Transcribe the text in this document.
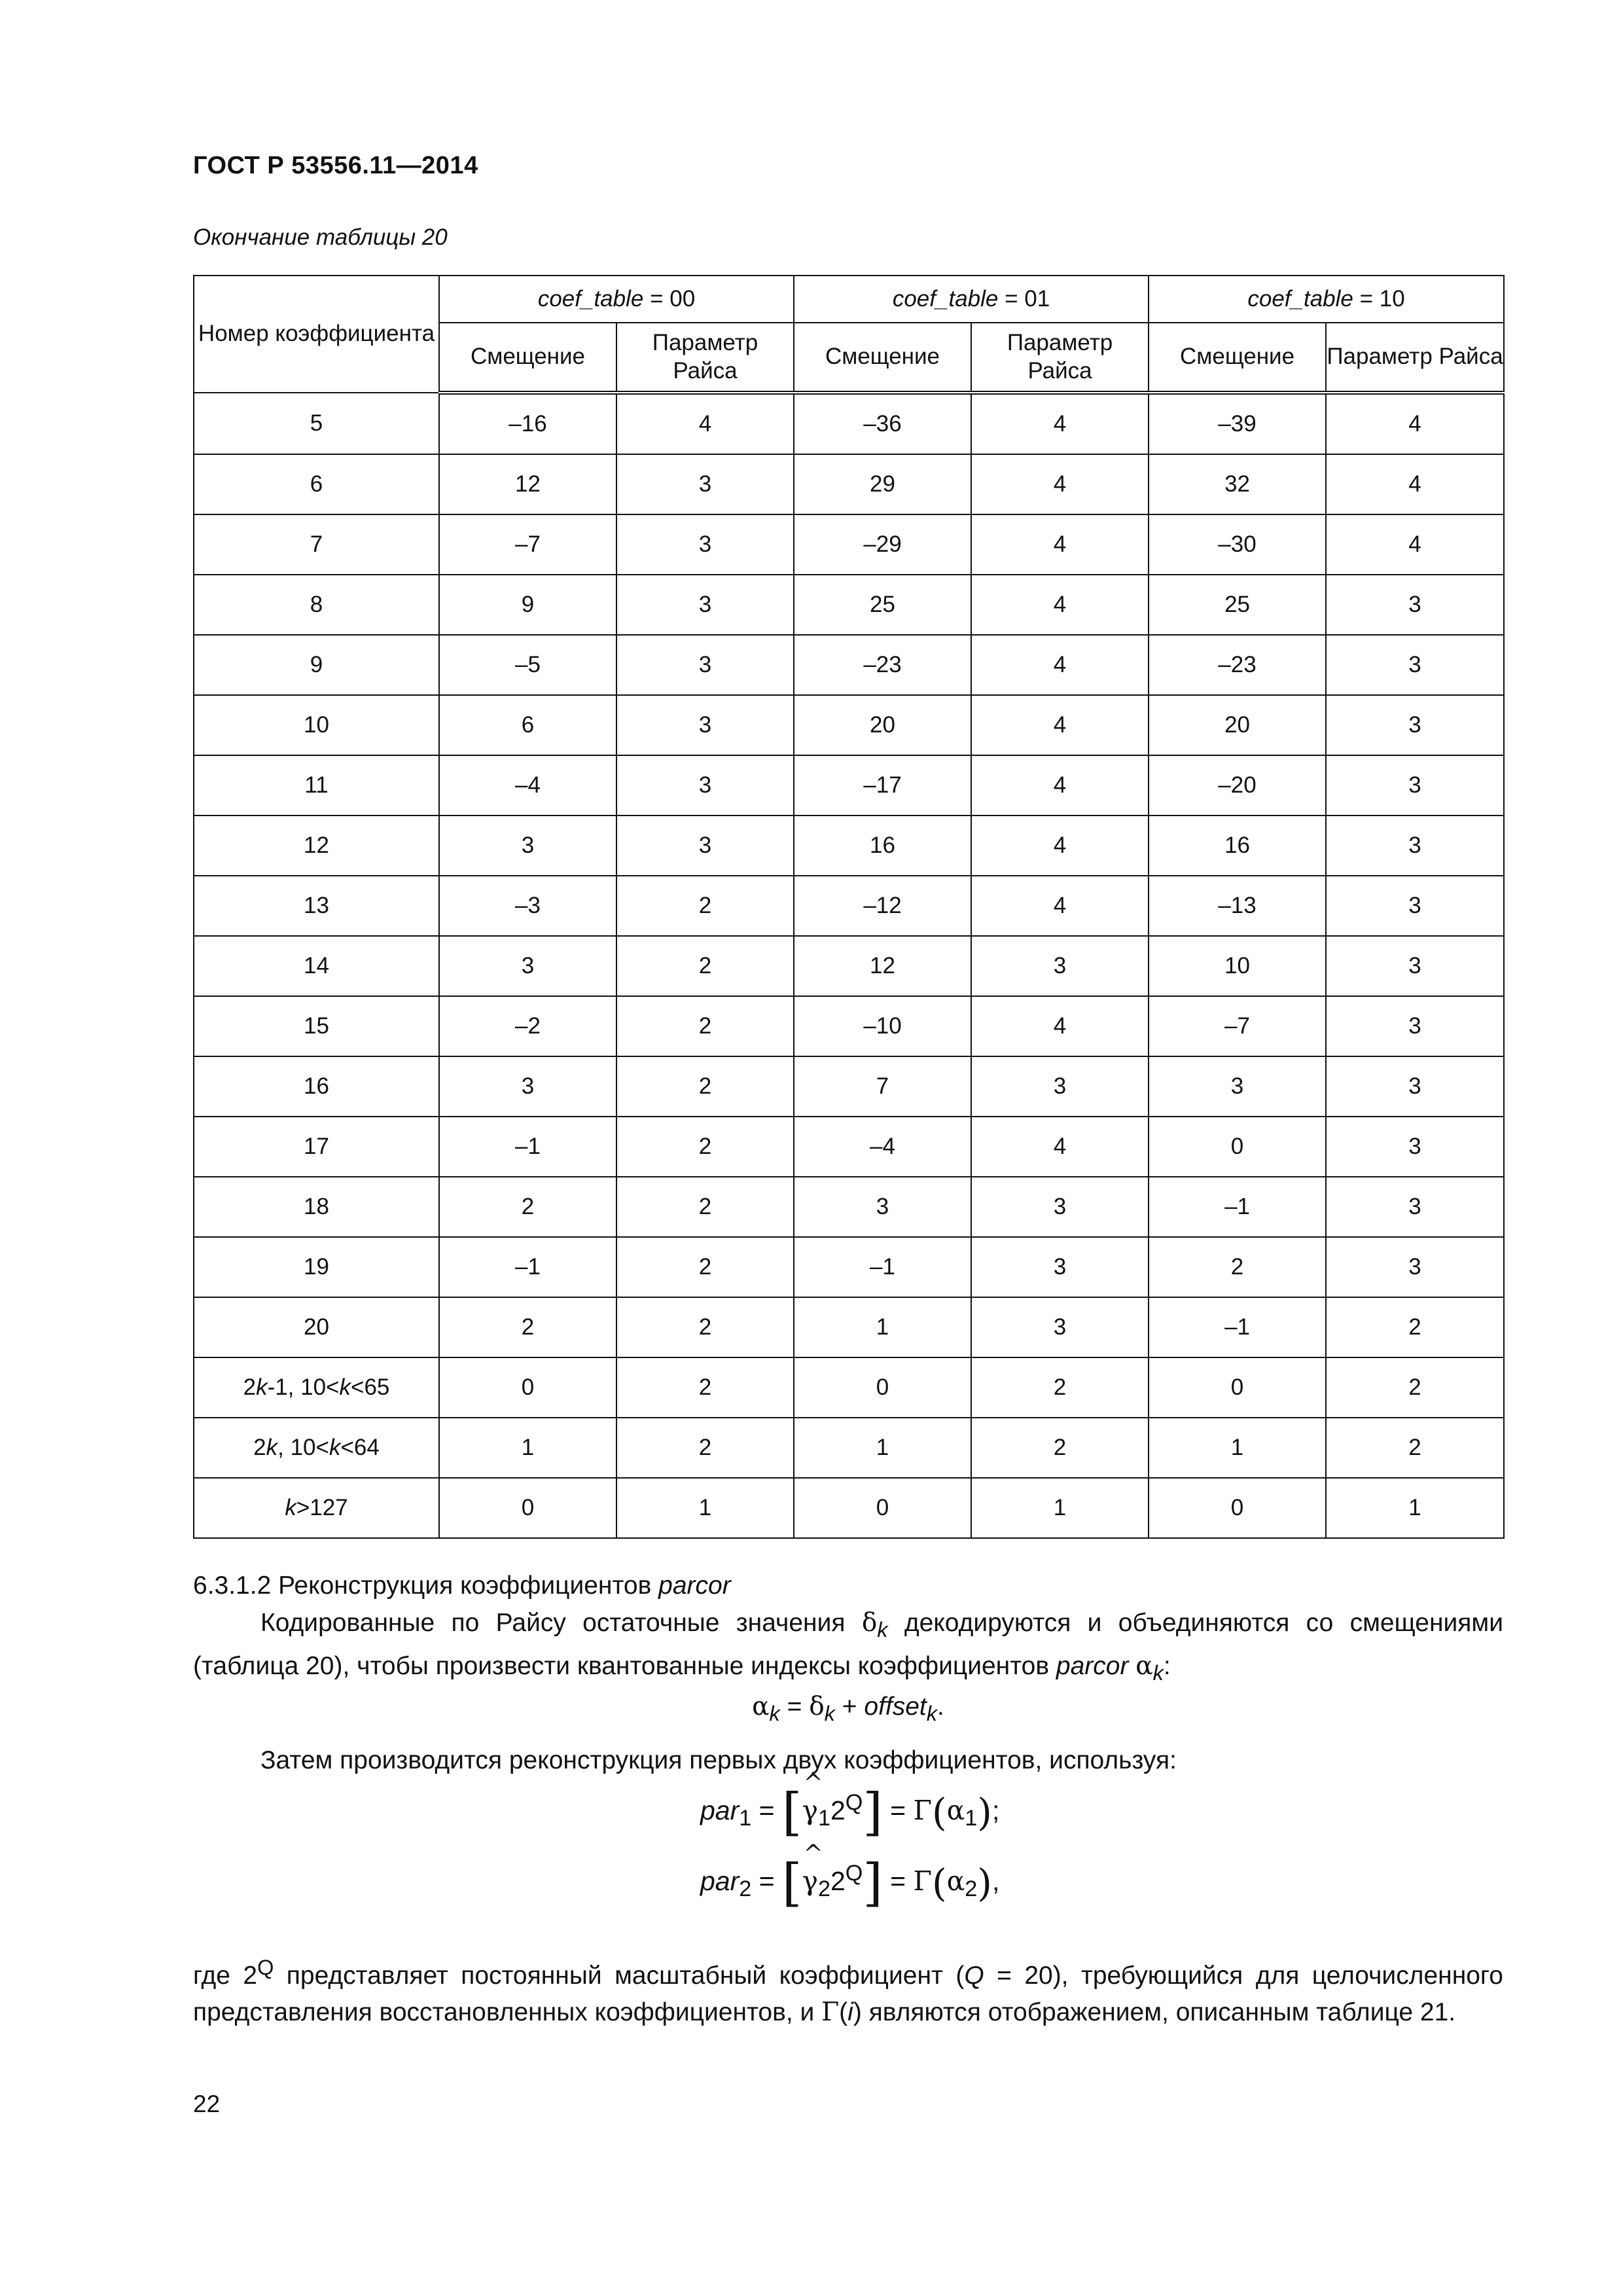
ГОСТ Р 53556.11—2014
Окончание таблицы 20
Номер коэффициента	coef_table = 00		coef_table = 01		coef_table = 10	
	Смещение	Параметр Райса	Смещение	Параметр Райса	Смещение	Параметр Райса
5	–16	4	–36	4	–39	4
6	12	3	29	4	32	4
7	–7	3	–29	4	–30	4
8	9	3	25	4	25	3
9	–5	3	–23	4	–23	3
10	6	3	20	4	20	3
11	–4	3	–17	4	–20	3
12	3	3	16	4	16	3
13	–3	2	–12	4	–13	3
14	3	2	12	3	10	3
15	–2	2	–10	4	–7	3
16	3	2	7	3	3	3
17	–1	2	–4	4	0	3
18	2	2	3	3	–1	3
19	–1	2	–1	3	2	3
20	2	2	1	3	–1	2
2k-1, 10<k<65	0	2	0	2	0	2
2k, 10<k<64	1	2	1	2	1	2
k>127	0	1	0	1	0	1
6.3.1.2 Реконструкция коэффициентов parcor
Кодированные по Райсу остаточные значения $\delta_k$ декодируются и объединяются со смещениями (таблица 20), чтобы произвести квантованные индексы коэффициентов parcor $\alpha_k$:
$\alpha_k = \delta_k$ + offset$_k$.
Затем производится реконструкция первых двух коэффициентов, используя:
par$_1$ = [ ^
$\gamma_12^Q] = \Gamma(\alpha_1)$;
par$_2$ = [ ^
$\gamma_22^Q] = \Gamma(\alpha_2)$,
где $2^Q$ представляет постоянный масштабный коэффициент (Q = 20), требующийся для целочисленного представления восстановленных коэффициентов, и Γ(i) являются отображением, описанным таблице 21.
22
